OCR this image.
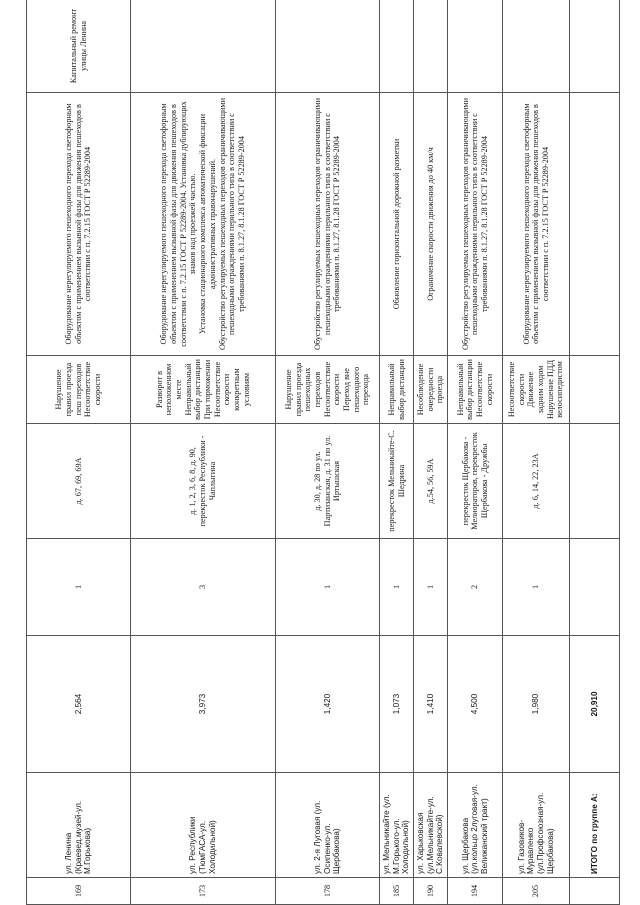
169	ул. Ленина (Краевед.музей-ул. М.Горькова)	2,564	1	д. 67, 69, 69А	Нарушение правил проезда пеш переходов Несоответствие скорости	Оборудование нерегулируемого пешеходного перехода светофорным объектом с применением вызывной фазы для движения пешеходов в соответствии с п. 7.2.15 ГОСТ Р 52289-2004	Капитальный ремонт улицы Ленина
173	ул. Республики (ТюмГАСА-ул. Холодильной)	3,973	3	д. 1, 2, 3, 6, 8, д. 90, перекресток Республики - Чаплыгина	Разворот в неположенном месте Неправильный выбор дистанции При торможении Несоответствие скорости конкретным условиям	Оборудование нерегулируемого пешеходного перехода светофорным объектом с применением вызывной фазы для движения пешеходов в соответствии с п. 7.2.15 ГОСТ Р 52289-2004. Установка дублирующих знаков над проезжей частью. Установка стационарного комплекса автоматической фиксации административных правонарушений. Обустройство регулируемых пешеходных переходов ограничивающими пешеходными ограждениями перильного типа в соответствии с требованиями п. 8.1.27, 8.1.28 ГОСТ Р 52289-2004	

178	ул. 2-я Луговая (ул. Осипенко-ул. Щербакова)	1,420	1	д. 30, д. 28 по ул. Партизанская, д. 31 по ул. Иртышская	Нарушение правил проезда пешеходных переходов Несоответствие скорости Переход вне пешеходного перехода	Обустройство регулируемых пешеходных переходов ограничивающими пешеходными ограждениями перильного типа в соответствии с требованиями п. 8.1.27, 8.1.28 ГОСТ Р 52289-2004	

185	ул. Мельникайте (ул. М.Горького-ул. Холодильной)	1,073	1	перекресток Мельникайте-С. Шедрина	Неправильный выбор дистанции	Обновление горизонтальной дорожной разметки	

190	ул. Харьковская (ул.Мельникайте-ул. С.Ковалевской)	1,410	1	д.54, 56, 59А	Несоблюдение очередности проезда	Ограничение скорости движения до 40 км/ч	

194	ул. Щербакова (ул.кольцо 2луговая-ул. Велижанский тракт)	4,500	2	перекресток Щербакова - Мелиораторов, перекресток Щербакова - Дружбы	Неправильный выбор дистанции Несоответствие скорости	Обустройство регулируемых пешеходных переходов ограничивающими пешеходными ограждениями перильного типа в соответствии с требованиями п. 8.1.27, 8.1.28 ГОСТ Р 52289-2004	

205	ул. Газовиков-Муравленко (ул.Профсоюзная-ул. Щербакова)	1,980	1	д. 6, 14, 22, 23А	Несоответствие скорости Движение задним ходом Нарушение ПДД велосипедистом	Оборудование нерегулируемого пешеходного перехода светофорным объектом с применением вызывной фазы для движения пешеходов в соответствии с п. 7.2.15 ГОСТ Р 52289-2004	

	ИТОГО по группе А:	20,910					
